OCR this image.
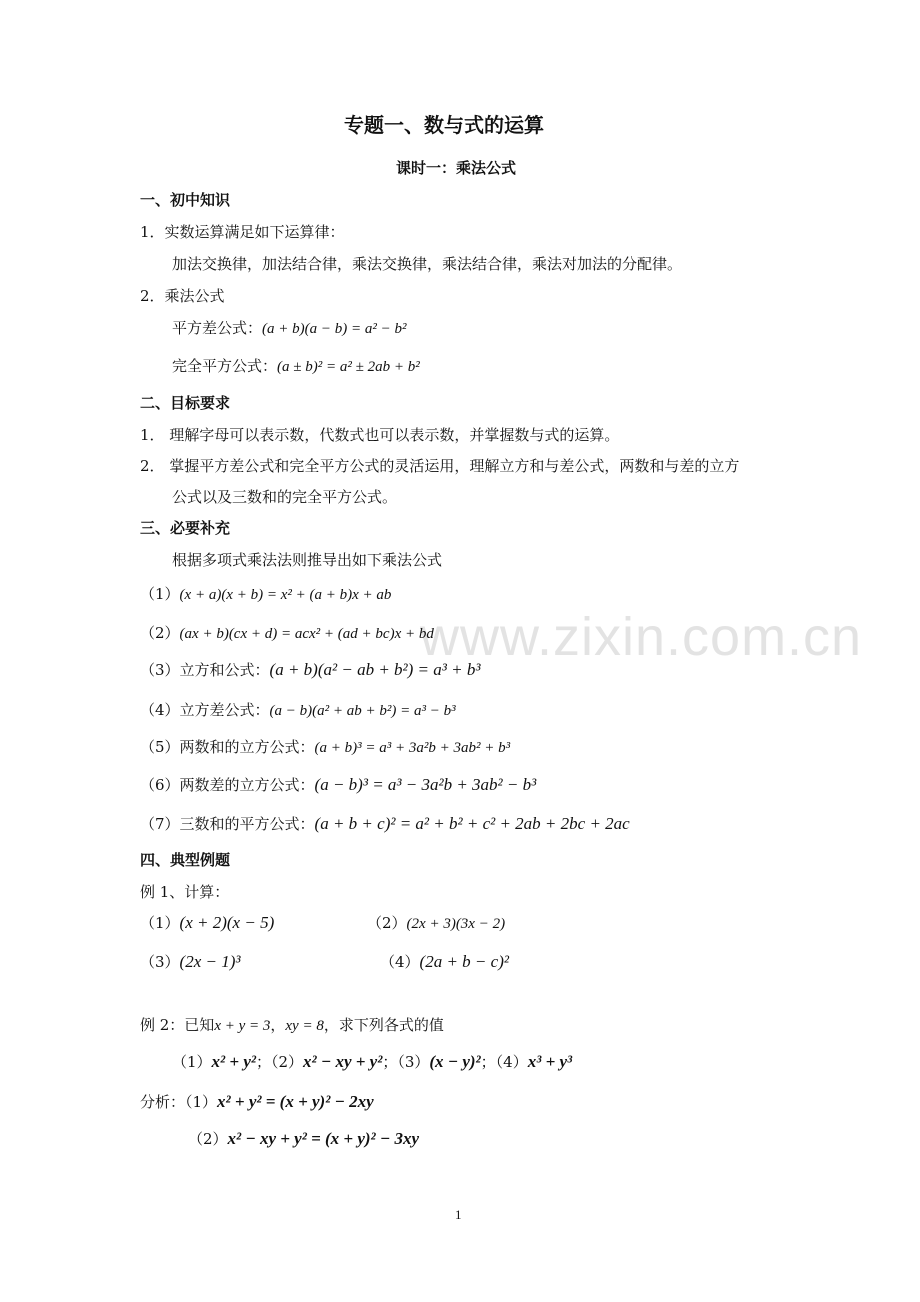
www.zixin.com.cn
专题一、数与式的运算
课时一：乘法公式
一、初中知识
1．实数运算满足如下运算律：
加法交换律，加法结合律，乘法交换律，乘法结合律，乘法对加法的分配律。
2．乘法公式
平方差公式：(a + b)(a − b) = a² − b²
完全平方公式：(a ± b)² = a² ± 2ab + b²
二、目标要求
1． 理解字母可以表示数，代数式也可以表示数，并掌握数与式的运算。
2． 掌握平方差公式和完全平方公式的灵活运用，理解立方和与差公式，两数和与差的立方
公式以及三数和的完全平方公式。
三、必要补充
根据多项式乘法法则推导出如下乘法公式
（1）(x + a)(x + b) = x² + (a + b)x + ab
（2）(ax + b)(cx + d) = acx² + (ad + bc)x + bd
（3）立方和公式：(a + b)(a² − ab + b²) = a³ + b³
（4）立方差公式：(a − b)(a² + ab + b²) = a³ − b³
（5）两数和的立方公式：(a + b)³ = a³ + 3a²b + 3ab² + b³
（6）两数差的立方公式：(a − b)³ = a³ − 3a²b + 3ab² − b³
（7）三数和的平方公式：(a + b + c)² = a² + b² + c² + 2ab + 2bc + 2ac
四、典型例题
例 1、计算：
（1）(x + 2)(x − 5)	（2）(2x + 3)(3x − 2)
（3）(2x − 1)³	（4）(2a + b − c)²
例 2：已知x + y = 3，xy = 8，求下列各式的值
（1）x² + y²；（2）x² − xy + y²；（3）(x − y)²；（4）x³ + y³
分析：（1）x² + y² = (x + y)² − 2xy
（2）x² − xy + y² = (x + y)² − 3xy
1
